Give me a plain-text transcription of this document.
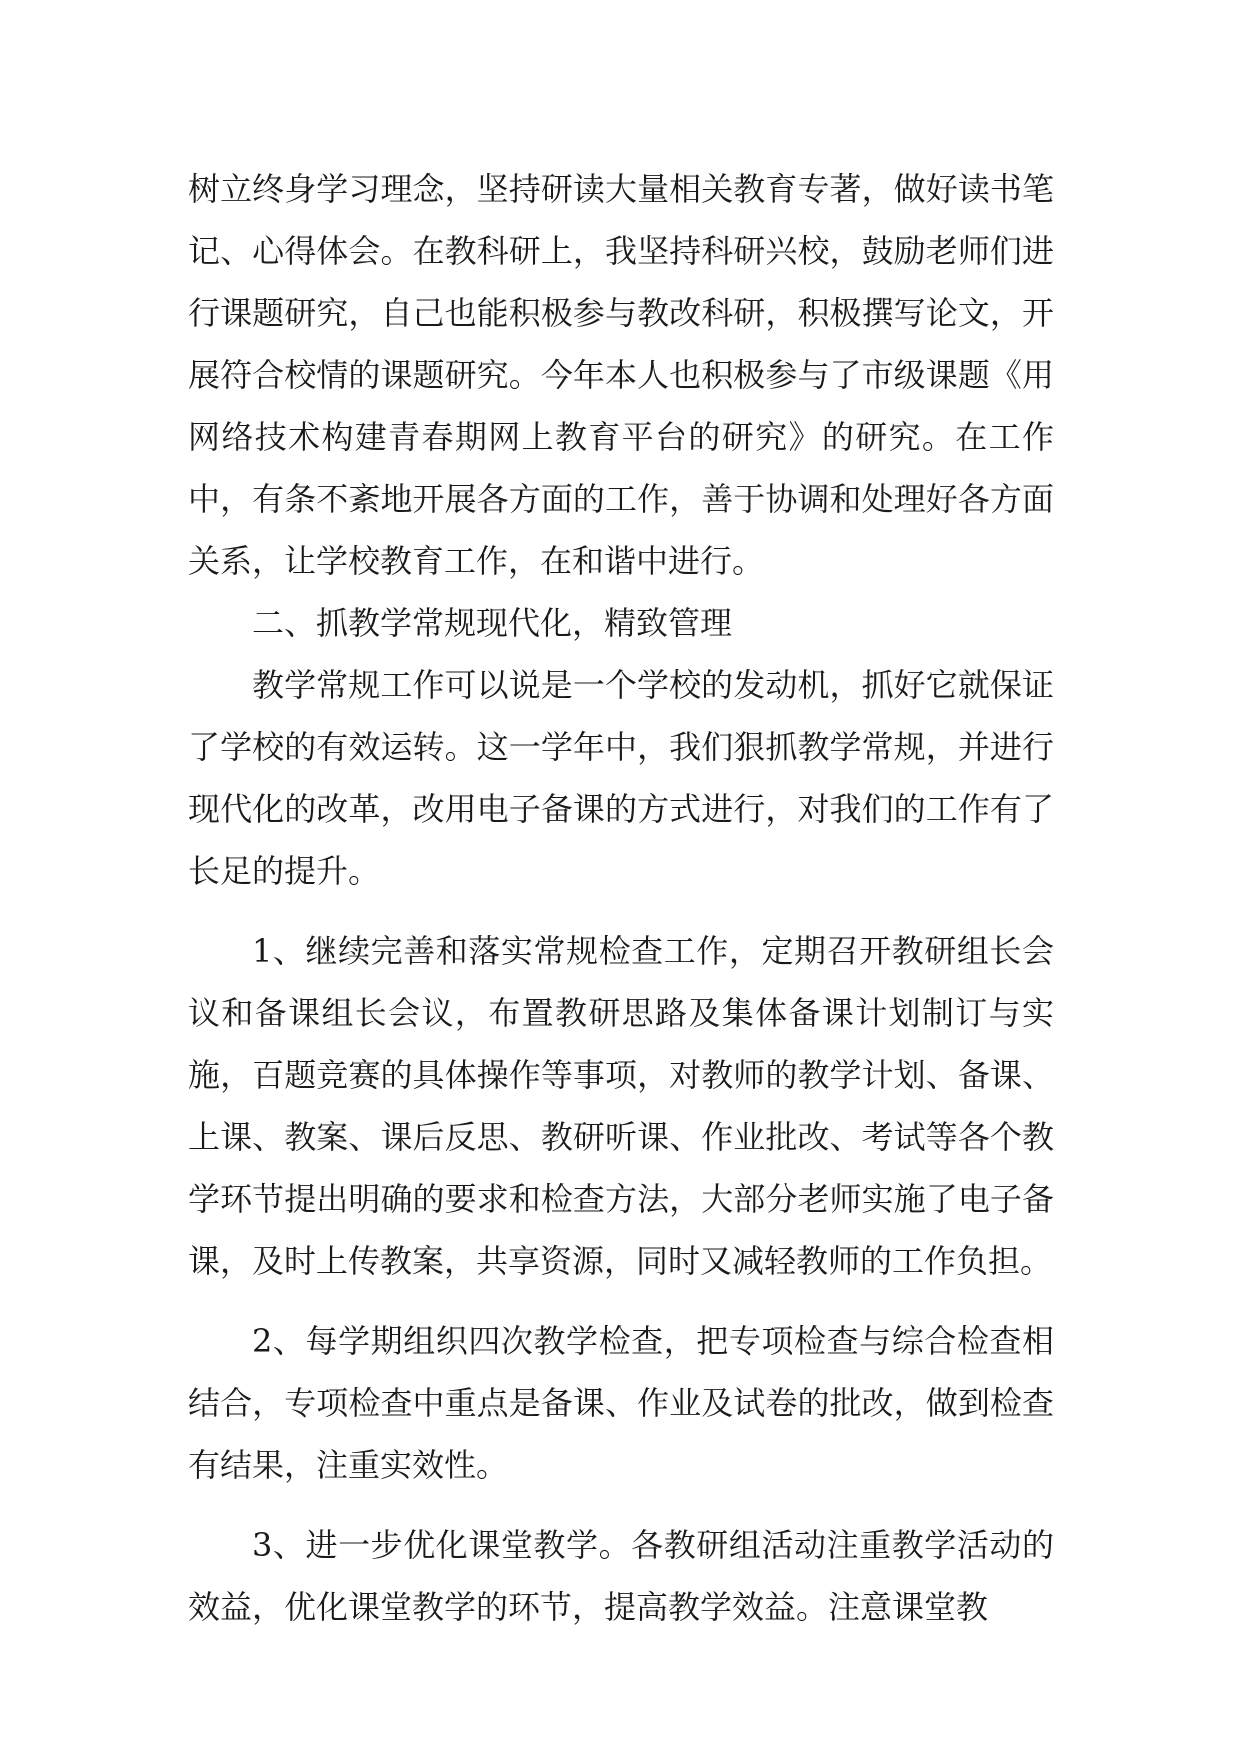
树立终身学习理念，坚持研读大量相关教育专著，做好读书笔记、心得体会。在教科研上，我坚持科研兴校，鼓励老师们进行课题研究，自己也能积极参与教改科研，积极撰写论文，开展符合校情的课题研究。今年本人也积极参与了市级课题《用网络技术构建青春期网上教育平台的研究》的研究。在工作中，有条不紊地开展各方面的工作，善于协调和处理好各方面关系，让学校教育工作，在和谐中进行。

二、抓教学常规现代化，精致管理

教学常规工作可以说是一个学校的发动机，抓好它就保证了学校的有效运转。这一学年中，我们狠抓教学常规，并进行现代化的改革，改用电子备课的方式进行，对我们的工作有了长足的提升。

1、继续完善和落实常规检查工作，定期召开教研组长会议和备课组长会议，布置教研思路及集体备课计划制订与实施，百题竞赛的具体操作等事项，对教师的教学计划、备课、上课、教案、课后反思、教研听课、作业批改、考试等各个教学环节提出明确的要求和检查方法，大部分老师实施了电子备课，及时上传教案，共享资源，同时又减轻教师的工作负担。

2、每学期组织四次教学检查，把专项检查与综合检查相结合，专项检查中重点是备课、作业及试卷的批改，做到检查有结果，注重实效性。

3、进一步优化课堂教学。各教研组活动注重教学活动的效益，优化课堂教学的环节，提高教学效益。注意课堂教
